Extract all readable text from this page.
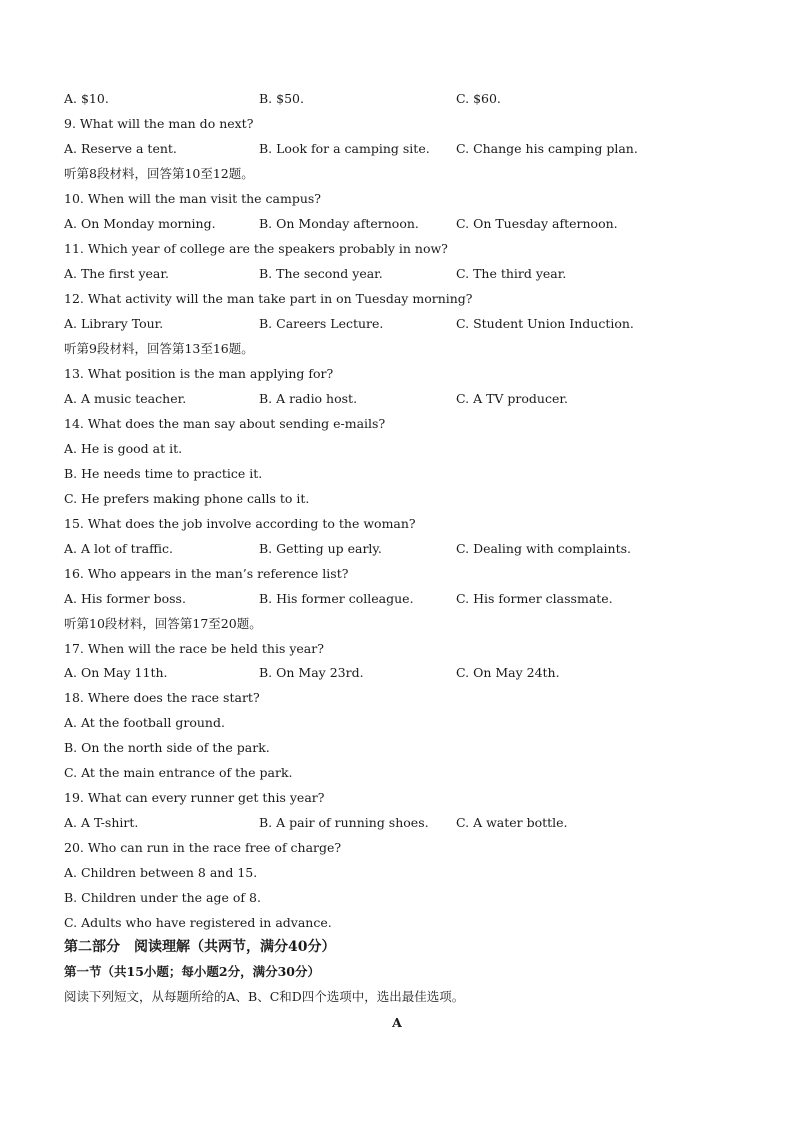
A. $10.	B. $50.	C. $60.
9. What will the man do next?
A. Reserve a tent.	B. Look for a camping site. C. Change his camping plan.
听第8段材料，回答第10至12题。
10. When will the man visit the campus?
A. On Monday morning.	B. On Monday afternoon.	C. On Tuesday afternoon.
11. Which year of college are the speakers probably in now?
A. The first year.	B. The second year.	C. The third year.
12. What activity will the man take part in on Tuesday morning?
A. Library Tour.	B. Careers Lecture.	C. Student Union Induction.
听第9段材料，回答第13至16题。
13. What position is the man applying for?
A. A music teacher.	B. A radio host.	C. A TV producer.
14. What does the man say about sending e-mails?
A. He is good at it.
B. He needs time to practice it.
C. He prefers making phone calls to it.
15. What does the job involve according to the woman?
A. A lot of traffic.	B. Getting up early.	C. Dealing with complaints.
16. Who appears in the man’s reference list?
A. His former boss.	B. His former colleague.	C. His former classmate.
听第10段材料，回答第17至20题。
17. When will the race be held this year?
A. On May 11th.	B. On May 23rd.	C. On May 24th.
18. Where does the race start?
A. At the football ground.
B. On the north side of the park.
C. At the main entrance of the park.
19. What can every runner get this year?
A. A T-shirt.	B. A pair of running shoes. C. A water bottle.
20. Who can run in the race free of charge?
A. Children between 8 and 15.
B. Children under the age of 8.
C. Adults who have registered in advance.
第二部分　阅读理解（共两节，满分40分）
第一节（共15小题；每小题2分，满分30分）
阅读下列短文，从每题所给的A、B、C和D四个选项中，选出最佳选项。
A
